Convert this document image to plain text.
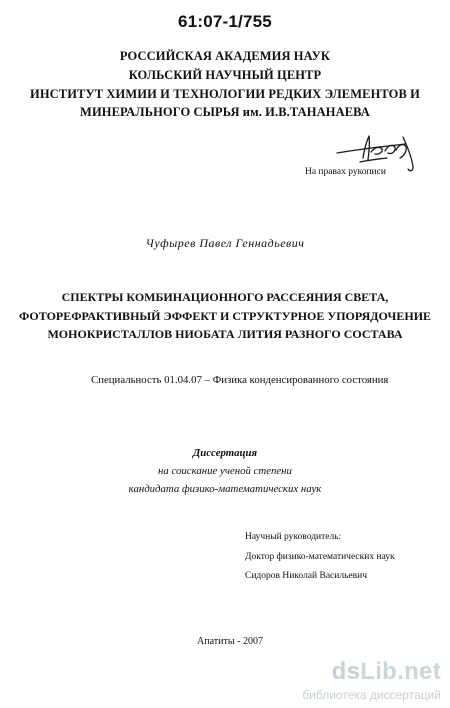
61:07-1/755
РОССИЙСКАЯ АКАДЕМИЯ НАУК
КОЛЬСКИЙ НАУЧНЫЙ ЦЕНТР
ИНСТИТУТ ХИМИИ И ТЕХНОЛОГИИ РЕДКИХ ЭЛЕМЕНТОВ И
МИНЕРАЛЬНОГО СЫРЬЯ им. И.В.ТАНАНАЕВА
На правах рукописи
Чуфырев Павел Геннадьевич
СПЕКТРЫ КОМБИНАЦИОННОГО РАССЕЯНИЯ СВЕТА,
ФОТОРЕФРАКТИВНЫЙ ЭФФЕКТ И СТРУКТУРНОЕ УПОРЯДОЧЕНИЕ
МОНОКРИСТАЛЛОВ НИОБАТА ЛИТИЯ РАЗНОГО СОСТАВА
Специальность 01.04.07 – Физика конденсированного состояния
Диссертация
на соискание ученой степени
кандидата физико-математических наук
Научный руководитель:
Доктор физико-математических наук
Сидоров Николай Васильевич
Апатиты - 2007
dsLib.net
библиотека диссертаций
